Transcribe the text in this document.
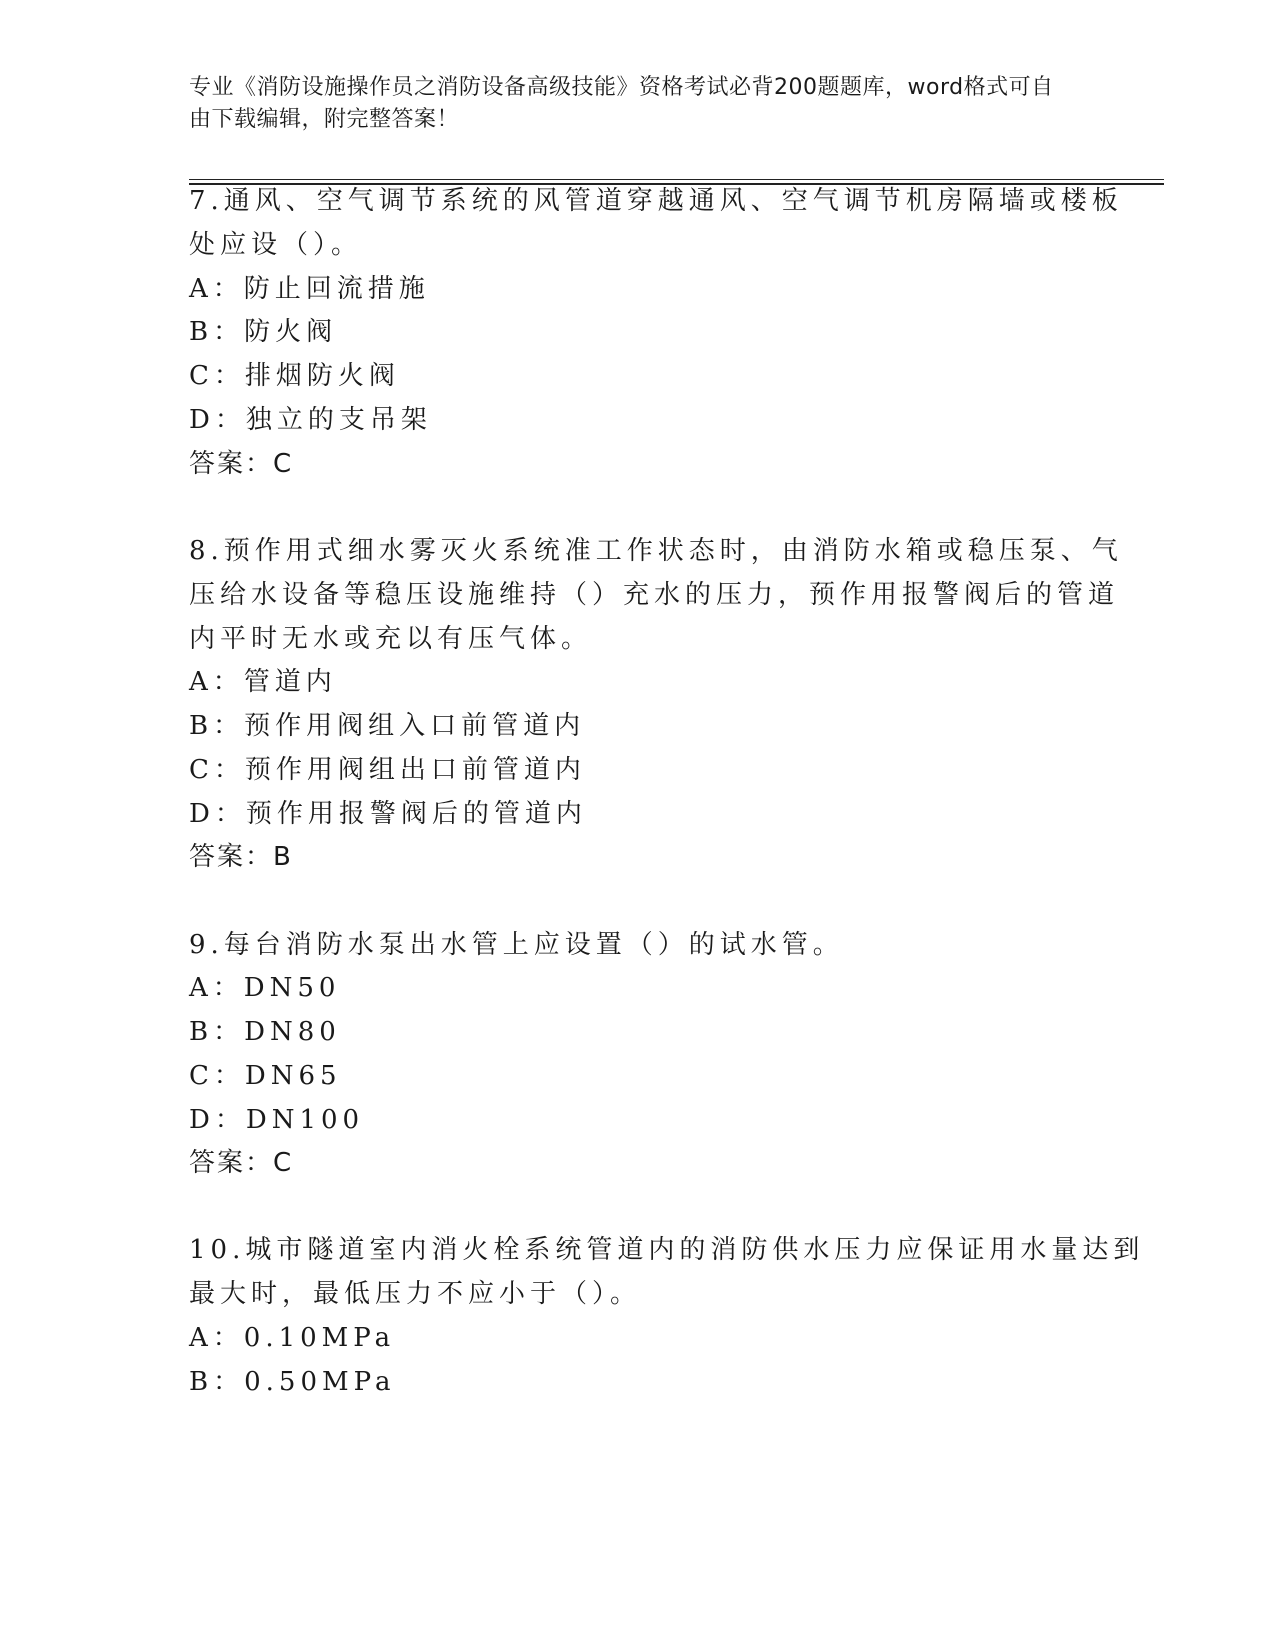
专业《消防设施操作员之消防设备高级技能》资格考试必背200题题库，word格式可自由下载编辑，附完整答案！
7.通风、空气调节系统的风管道穿越通风、空气调节机房隔墙或楼板
处应设（）。
A：防止回流措施
B：防火阀
C：排烟防火阀
D：独立的支吊架
答案：C
8.预作用式细水雾灭火系统准工作状态时，由消防水箱或稳压泵、气
压给水设备等稳压设施维持（）充水的压力，预作用报警阀后的管道
内平时无水或充以有压气体。
A：管道内
B：预作用阀组入口前管道内
C：预作用阀组出口前管道内
D：预作用报警阀后的管道内
答案：B
9.每台消防水泵出水管上应设置（）的试水管。
A：DN50
B：DN80
C：DN65
D：DN100
答案：C
10.城市隧道室内消火栓系统管道内的消防供水压力应保证用水量达到
最大时，最低压力不应小于（）。
A：0.10MPa
B：0.50MPa
